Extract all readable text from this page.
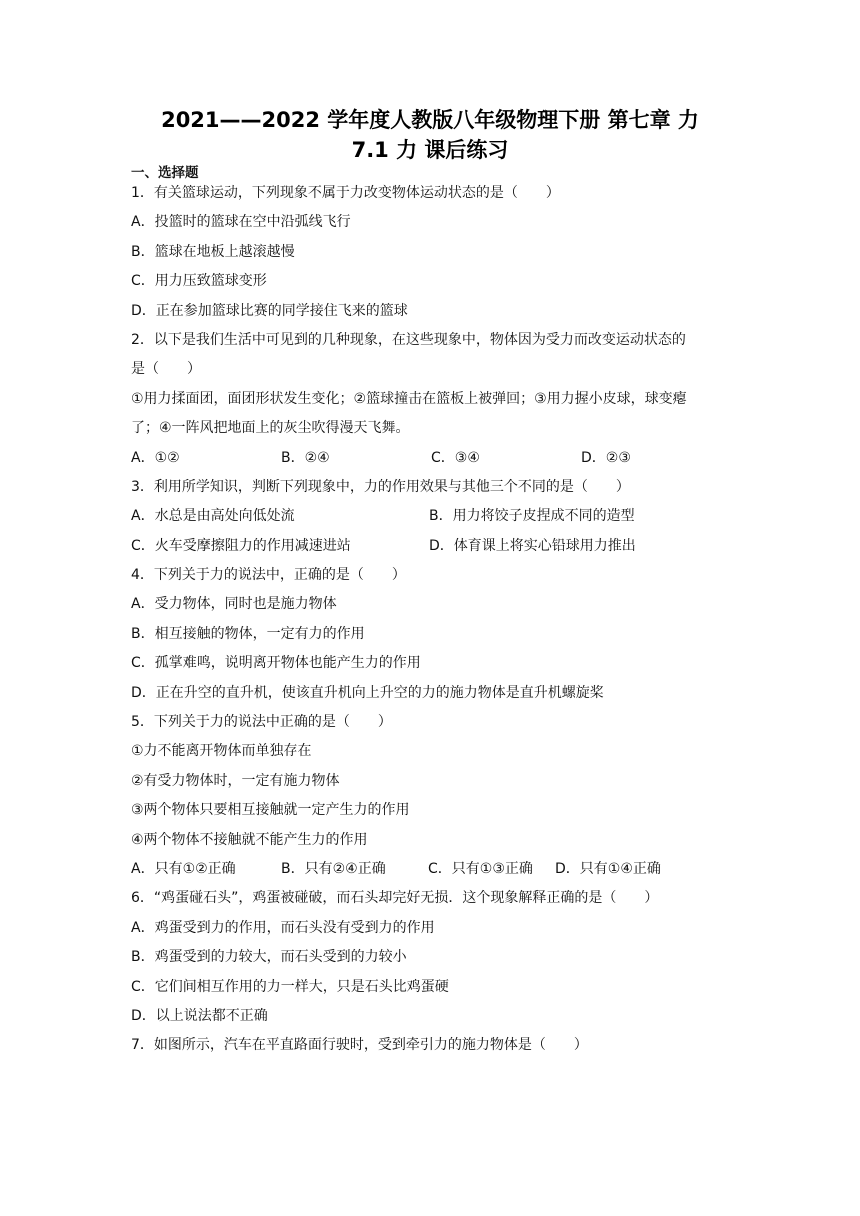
2021——2022 学年度人教版八年级物理下册 第七章 力
7.1 力 课后练习
一、选择题
1．有关篮球运动，下列现象不属于力改变物体运动状态的是（　　）
A．投篮时的篮球在空中沿弧线飞行
B．篮球在地板上越滚越慢
C．用力压致篮球变形
D．正在参加篮球比赛的同学接住飞来的篮球
2．以下是我们生活中可见到的几种现象，在这些现象中，物体因为受力而改变运动状态的
是（　　）
①用力揉面团，面团形状发生变化；②篮球撞击在篮板上被弹回；③用力握小皮球，球变瘪
了；④一阵风把地面上的灰尘吹得漫天飞舞。
A．①②	B．②④	C．③④	D．②③
3．利用所学知识，判断下列现象中，力的作用效果与其他三个不同的是（　　）
A．水总是由高处向低处流	B．用力将饺子皮捏成不同的造型
C．火车受摩擦阻力的作用减速进站	D．体育课上将实心铅球用力推出
4．下列关于力的说法中，正确的是（　　）
A．受力物体，同时也是施力物体
B．相互接触的物体，一定有力的作用
C．孤掌难鸣，说明离开物体也能产生力的作用
D．正在升空的直升机，使该直升机向上升空的力的施力物体是直升机螺旋桨
5．下列关于力的说法中正确的是（　　）
①力不能离开物体而单独存在
②有受力物体时，一定有施力物体
③两个物体只要相互接触就一定产生力的作用
④两个物体不接触就不能产生力的作用
A．只有①②正确	B．只有②④正确	C．只有①③正确	D．只有①④正确
6．“鸡蛋碰石头”，鸡蛋被碰破，而石头却完好无损．这个现象解释正确的是（　　）
A．鸡蛋受到力的作用，而石头没有受到力的作用
B．鸡蛋受到的力较大，而石头受到的力较小
C．它们间相互作用的力一样大，只是石头比鸡蛋硬
D．以上说法都不正确
7．如图所示，汽车在平直路面行驶时，受到牵引力的施力物体是（　　）
